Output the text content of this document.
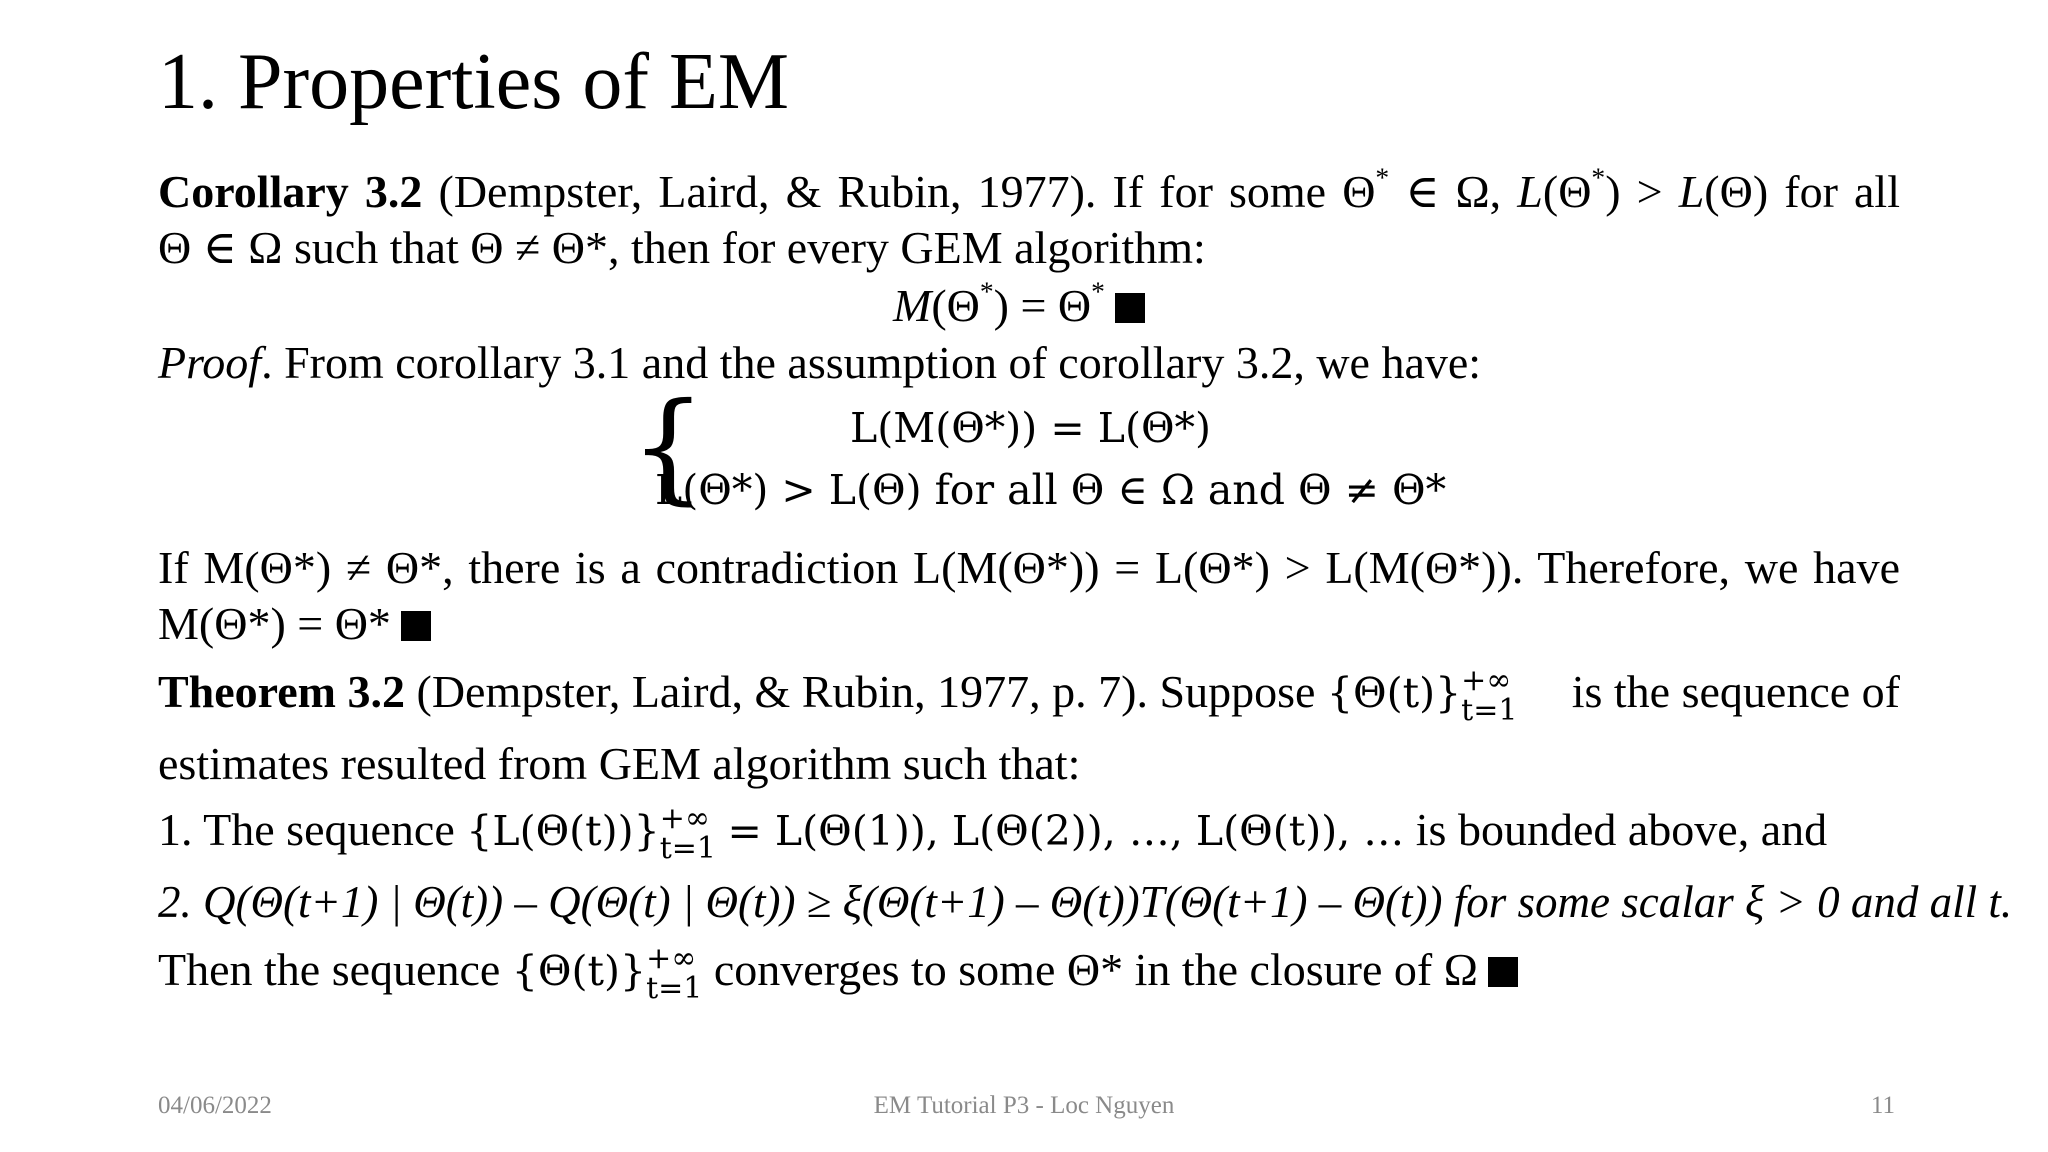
1. Properties of EM
Corollary 3.2 (Dempster, Laird, & Rubin, 1977). If for some Θ* ∈ Ω, L(Θ*) > L(Θ) for all
Θ ∈ Ω such that Θ ≠ Θ*, then for every GEM algorithm:
M(Θ*) = Θ*
Proof. From corollary 3.1 and the assumption of corollary 3.2, we have:
{	L(M(Θ*)) = L(Θ*)
L(Θ*) > L(Θ) for all Θ ∈ Ω and Θ ≠ Θ*
If M(Θ*) ≠ Θ*, there is a contradiction L(M(Θ*)) = L(Θ*) > L(M(Θ*)). Therefore, we have
M(Θ*) = Θ*
Theorem 3.2 (Dempster, Laird, & Rubin, 1977, p. 7). Suppose {Θ(t)} +∞
t=1 is the sequence of
estimates resulted from GEM algorithm such that:
1. The sequence {L(Θ(t))} +∞
t=1 = L(Θ(1)), L(Θ(2)), …, L(Θ(t)), … is bounded above, and
2. Q(Θ(t+1) | Θ(t)) – Q(Θ(t) | Θ(t)) ≥ ξ(Θ(t+1) – Θ(t))T(Θ(t+1) – Θ(t)) for some scalar ξ > 0 and all t.
Then the sequence {Θ(t)} +∞
t=1 converges to some Θ* in the closure of Ω
04/06/2022	EM Tutorial P3 - Loc Nguyen	11
